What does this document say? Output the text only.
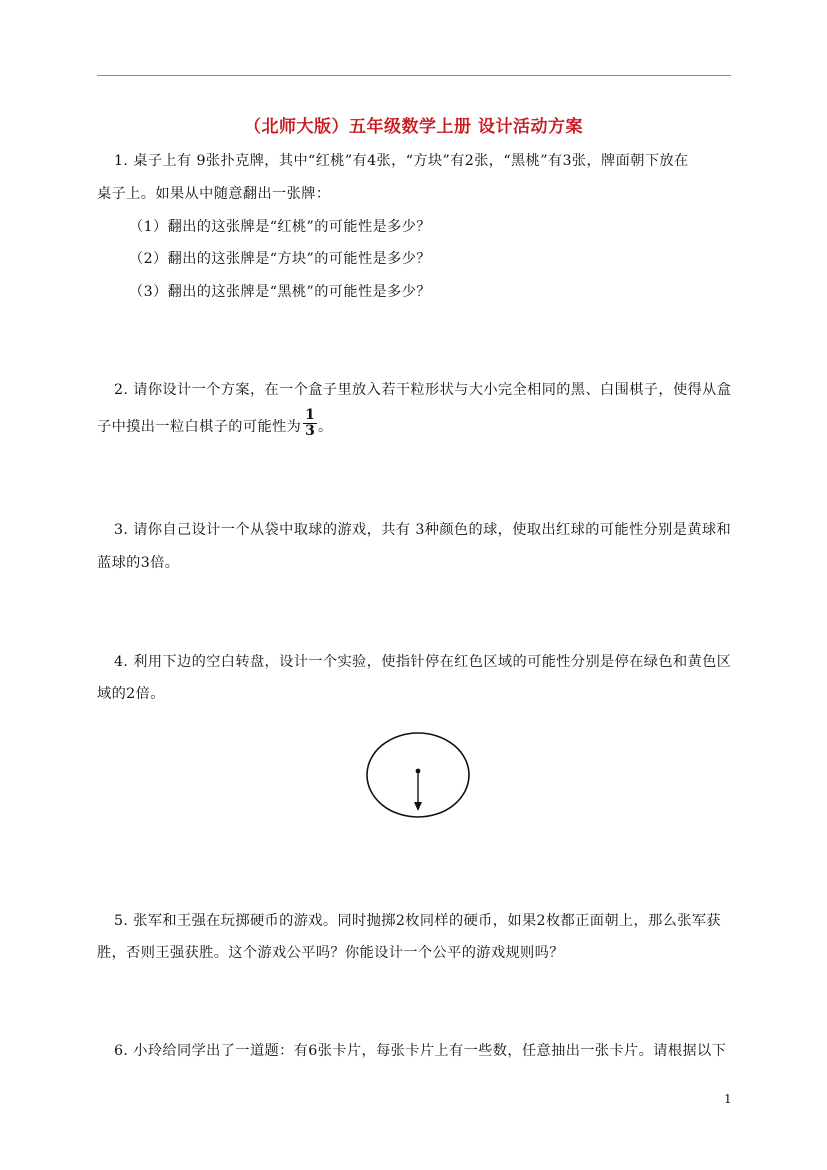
（北师大版）五年级数学上册 设计活动方案
1. 桌子上有 9张扑克牌，其中“红桃”有4张，“方块”有2张，“黑桃”有3张，牌面朝下放在
桌子上。如果从中随意翻出一张牌：
（1）翻出的这张牌是“红桃”的可能性是多少？
（2）翻出的这张牌是“方块”的可能性是多少？
（3）翻出的这张牌是“黑桃”的可能性是多少？
2. 请你设计一个方案，在一个盒子里放入若干粒形状与大小完全相同的黑、白围棋子，使得从盒
子中摸出一粒白棋子的可能性为 $\frac{1}{3}$ 。
3. 请你自己设计一个从袋中取球的游戏，共有 3种颜色的球，使取出红球的可能性分别是黄球和
蓝球的3倍。
4. 利用下边的空白转盘，设计一个实验，使指针停在红色区域的可能性分别是停在绿色和黄色区
域的2倍。
5. 张军和王强在玩掷硬币的游戏。同时抛掷2枚同样的硬币，如果2枚都正面朝上，那么张军获
胜，否则王强获胜。这个游戏公平吗？你能设计一个公平的游戏规则吗？
6. 小玲给同学出了一道题：有6张卡片，每张卡片上有一些数，任意抽出一张卡片。请根据以下
1
